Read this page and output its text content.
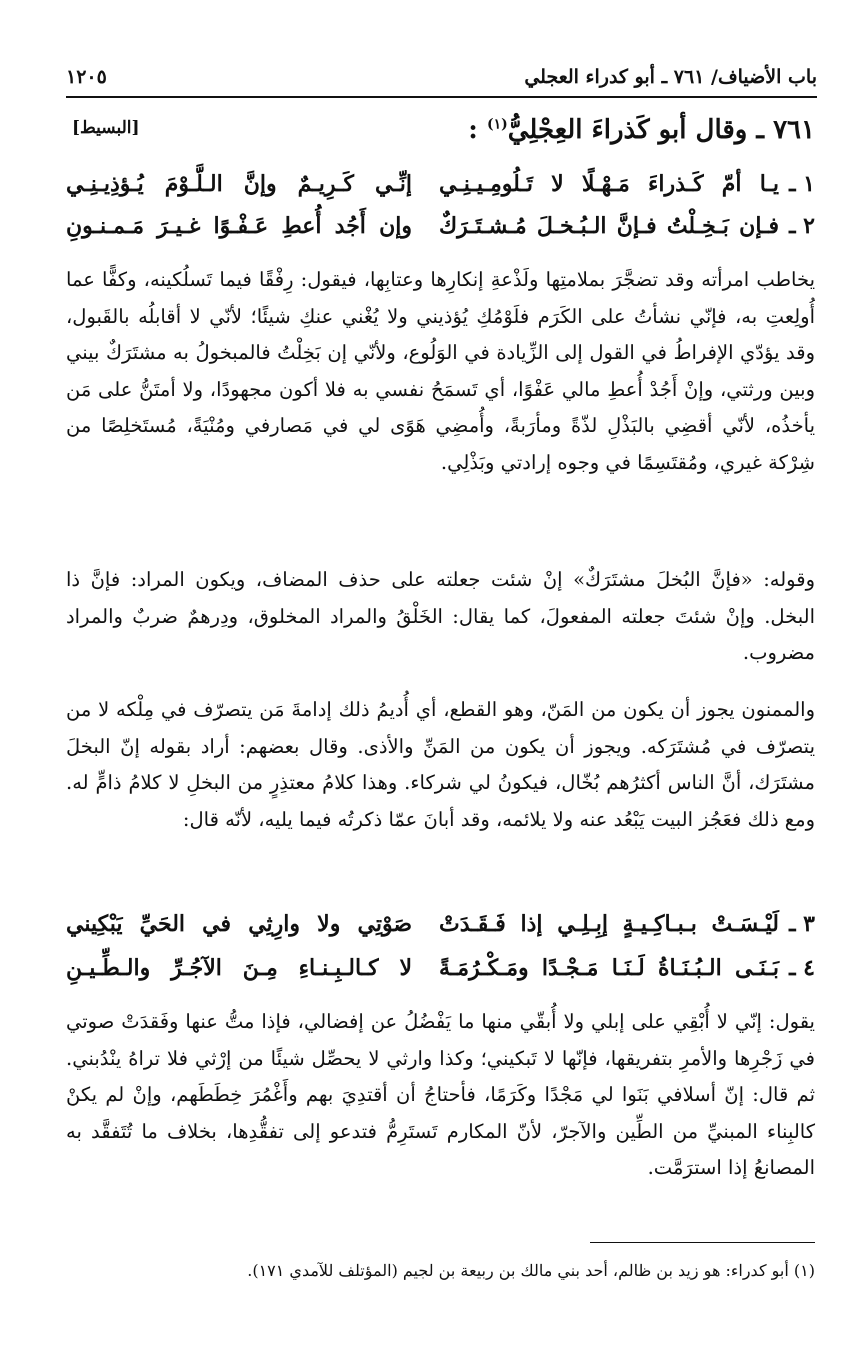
باب الأضياف/ ٧٦١ ـ أبو كدراء العجلي
١٢٠٥
٧٦١ ـ وقال أبو كَذراءَ العِجْلِيُّ$^{(١)}$ :
[البسيط]
١ ـ
يـا أمّ كَـذراءَ مَـهْـلًا لا تَـلُومِـيـنِـي
إنِّـي كَـرِيـمٌ وإنَّ الـلَّـوْمَ يُـؤذِيـنِـي
٢ ـ
فـإن بَـخِـلْتُ فـإنَّ الـبُـخـلَ مُـشـتَـرَكٌ
وإن أَجُد أُعطِ عَـفْـوًا غـيـرَ مَـمـنـونِ
يخاطب امرأته وقد تضجَّرَ بملامتِها ولَذْعةِ إنكارِها وعتابِها، فيقول: رِفْقًا فيما تَسلُكينه، وكفًّا عما أُولِعتِ به، فإنّي نشأتُ على الكَرَم فلَوْمُكِ يُؤذيني ولا يُغْني عنكِ شيئًا؛ لأنّي لا أقابلُه بالقَبول، وقد يؤدّي الإفراطُ في القول إلى الزِّيادة في الوَلُوع، ولأنّي إن بَخِلْتُ فالمبخولُ به مشتَرَكٌ بيني وبين ورثتي، وإنْ أَجُدْ أُعطِ مالي عَفْوًا، أي تَسمَحُ نفسي به فلا أكون مجهودًا، ولا أمتَنُّ على مَن يأخذُه، لأنّي أقضِي بالبَذْلِ لذّةً ومأرَبةً، وأُمضِي هَوًى لي في مَصارفي ومُنْيَةً، مُستَخلِصًا من شِرْكة غيري، ومُقتَسِمًا في وجوه إرادتي وبَذْلِي.
وقوله: «فإنَّ البُخلَ مشتَرَكٌ» إنْ شئت جعلته على حذف المضاف، ويكون المراد: فإنَّ ذا البخل. وإنْ شئتَ جعلته المفعولَ، كما يقال: الخَلْقُ والمراد المخلوق، ودِرهمٌ ضربٌ والمراد مضروب.
والممنون يجوز أن يكون من المَنّ، وهو القطع، أي أُديمُ ذلك إدامةَ مَن يتصرّف في مِلْكه لا من يتصرّف في مُشتَرَكه. ويجوز أن يكون من المَنِّ والأذى. وقال بعضهم: أراد بقوله إنّ البخلَ مشتَرَك، أنَّ الناس أكثرُهم بُخّال، فيكونُ لي شركاء. وهذا كلامُ معتذِرٍ من البخلِ لا كلامُ ذامٍّ له. ومع ذلك فعَجُز البيت يَبْعُد عنه ولا يلائمه، وقد أبانَ عمّا ذكرتُه فيما يليه، لأنّه قال:
٣ ـ
لَيْـسَـتْ بـبـاكِـيـةٍ إبِـلِـي إذا فَـقَـدَتْ
صَوْتِي ولا وارِثِي في الحَيِّ يَبْكِيني
٤ ـ
بَـنَـى الـبُـنَـاةُ لَـنَـا مَـجْـدًا ومَـكْـرُمَـةً
لا كـالـبِـنـاءِ مِـنَ الآجُـرِّ والـطِّـيـنِ
يقول: إنّي لا أُبْقِي على إبلي ولا أُبقّي منها ما يَفْضُلُ عن إفضالي، فإذا متُّ عنها وفَقدَتْ صوتي في زَجْرِها والأمرِ بتفريقها، فإنّها لا تَبكيني؛ وكذا وارثي لا يحصِّل شيئًا من إرْثي فلا تراهُ ينْدُبني. ثم قال: إنّ أسلافي بَنَوا لي مَجْدًا وكَرَمًا، فأحتاجُ أن أقتدِيَ بهم وأَغْمُرَ خِطَطَهم، وإنْ لم يكنْ كالبِناء المبنيِّ من الطِّين والآجرّ، لأنّ المكارم تَستَرِمُّ فتدعو إلى تفقُّدِها، بخلاف ما تُتَفقَّد به المصانعُ إذا استرَمَّت.
(١) أبو كدراء: هو زيد بن ظالم، أحد بني مالك بن ربيعة بن لجيم (المؤتلف للآمدي ١٧١).
